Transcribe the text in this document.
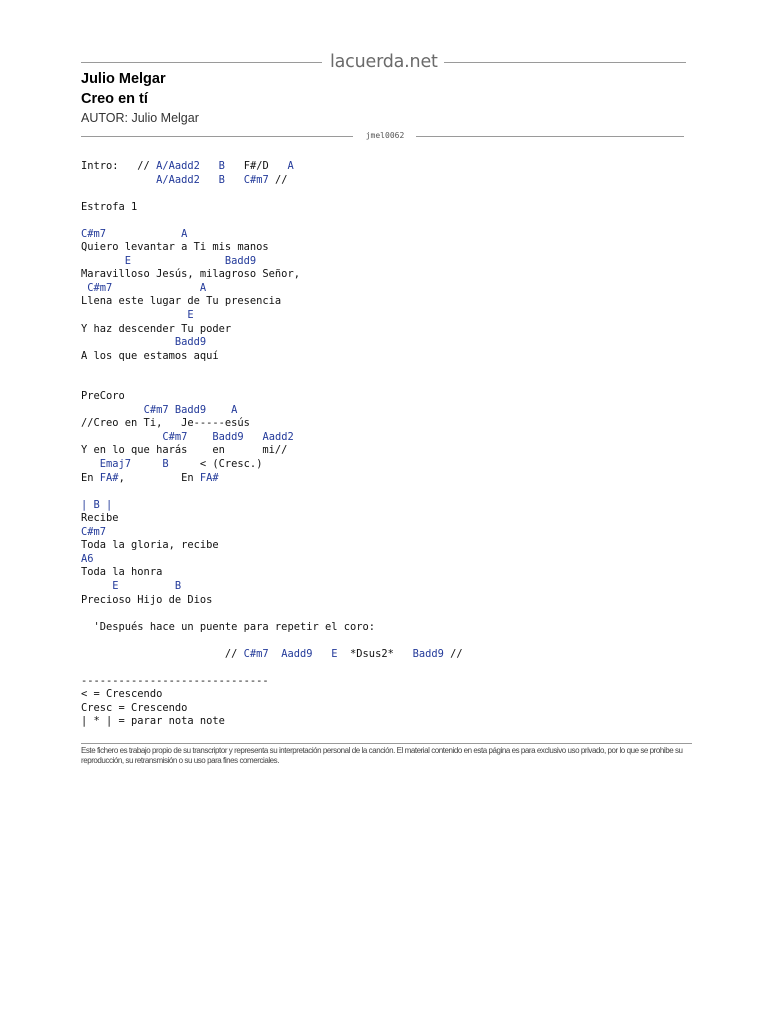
lacuerda.net
Julio Melgar
Creo en tí
AUTOR: Julio Melgar
jmel0062
Intro:   // A/Aadd2 B   F#/D   A
A/Aadd2 B C#m7 //

Estrofa 1

C#m7	A
Quiero levantar a Ti mis manos
E	Badd9
Maravilloso Jesús, milagroso Señor,
C#m7	A
Llena este lugar de Tu presencia
E
Y haz descender Tu poder
Badd9
A los que estamos aquí

PreCoro
C#m7 Badd9 A
//Creo en Ti,   Je-----esús
C#m7 Badd9 Aadd2
Y en lo que harás    en      mi//
Emaj7	B     < (Cresc.)
En FA#,         En FA#

| B |
Recibe
C#m7
Toda la gloria, recibe
A6
Toda la honra
E	B
Precioso Hijo de Dios

'Después hace un puente para repetir el coro:

// C#m7 Aadd9 E  *Dsus2*   Badd9 //

------------------------------
< = Crescendo
Cresc = Crescendo
| * | = parar nota note

Este fichero es trabajo propio de su transcriptor y representa su interpretación personal de la canción. El material contenido en esta página es para exclusivo uso privado, por lo que se prohibe su reproducción, su retransmisión o su uso para fines comerciales.
